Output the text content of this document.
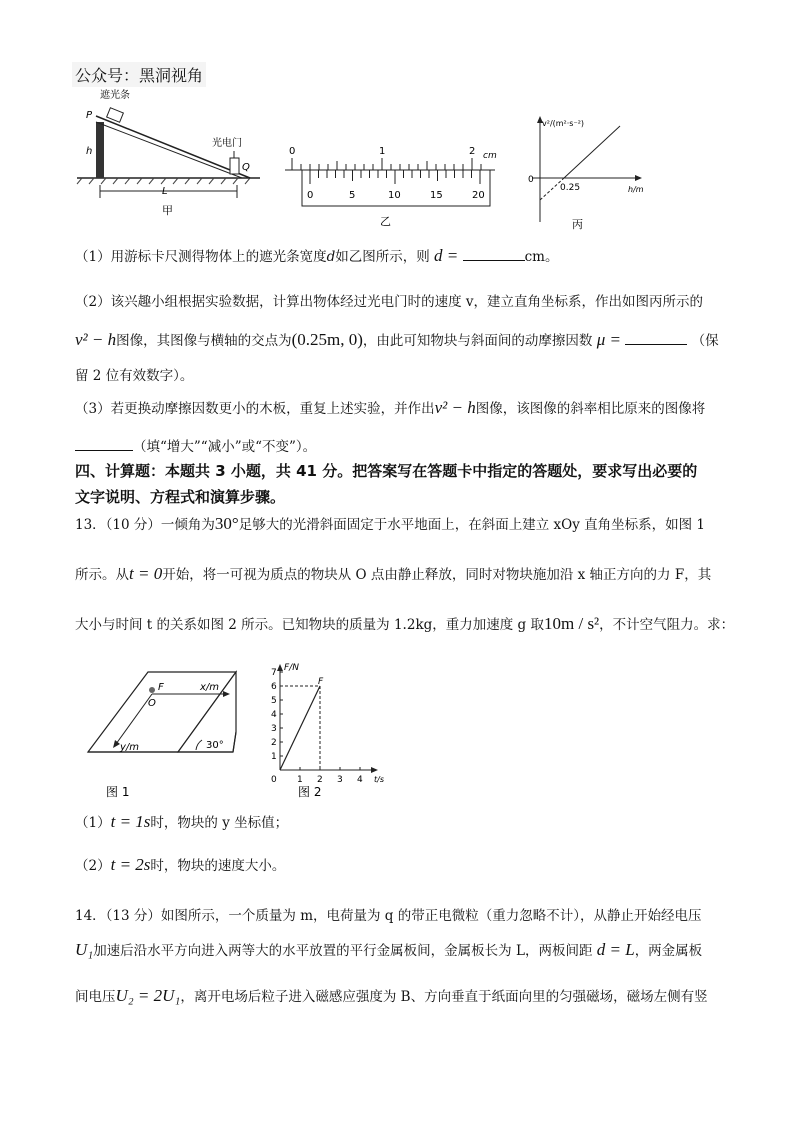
公众号：黑洞视角
遮光条
P
h
光电门
Q
L
甲
0	1	2 cm
0	5	10	15	20
乙
v²/(m²·s⁻²)
h/m
0
0.25
丙
（1）用游标卡尺测得物体上的遮光条宽度d如乙图所示，则 d =	cm。
（2）该兴趣小组根据实验数据，计算出物体经过光电门时的速度 v，建立直角坐标系，作出如图丙所示的
v² − h图像，其图像与横轴的交点为(0.25m, 0)，由此可知物块与斜面间的动摩擦因数 μ =	（保
留 2 位有效数字）。
（3）若更换动摩擦因数更小的木板，重复上述实验，并作出v² − h图像，该图像的斜率相比原来的图像将
（填“增大”“减小”或“不变”）。
四、计算题：本题共 3 小题，共 41 分。把答案写在答题卡中指定的答题处，要求写出必要的
文字说明、方程式和演算步骤。
13．（10 分）一倾角为30°足够大的光滑斜面固定于水平地面上，在斜面上建立 xOy 直角坐标系，如图 1
所示。从t = 0开始，将一可视为质点的物块从 O 点由静止释放，同时对物块施加沿 x 轴正方向的力 F，其
大小与时间 t 的关系如图 2 所示。已知物块的质量为 1.2kg，重力加速度 g 取10m / s²，不计空气阻力。求：
F
O
x/m
y/m	30°
图 1
0
1
2
3
4
5
6
7
1 2 3 4
F/N
t/s
F
图 2
（1）t = 1s时，物块的 y 坐标值；
（2）t = 2s时，物块的速度大小。
14．（13 分）如图所示，一个质量为 m，电荷量为 q 的带正电微粒（重力忽略不计），从静止开始经电压
U₁加速后沿水平方向进入两等大的水平放置的平行金属板间，金属板长为 L，两板间距 d = L，两金属板
间电压U₂ = 2U₁，离开电场后粒子进入磁感应强度为 B、方向垂直于纸面向里的匀强磁场，磁场左侧有竖
